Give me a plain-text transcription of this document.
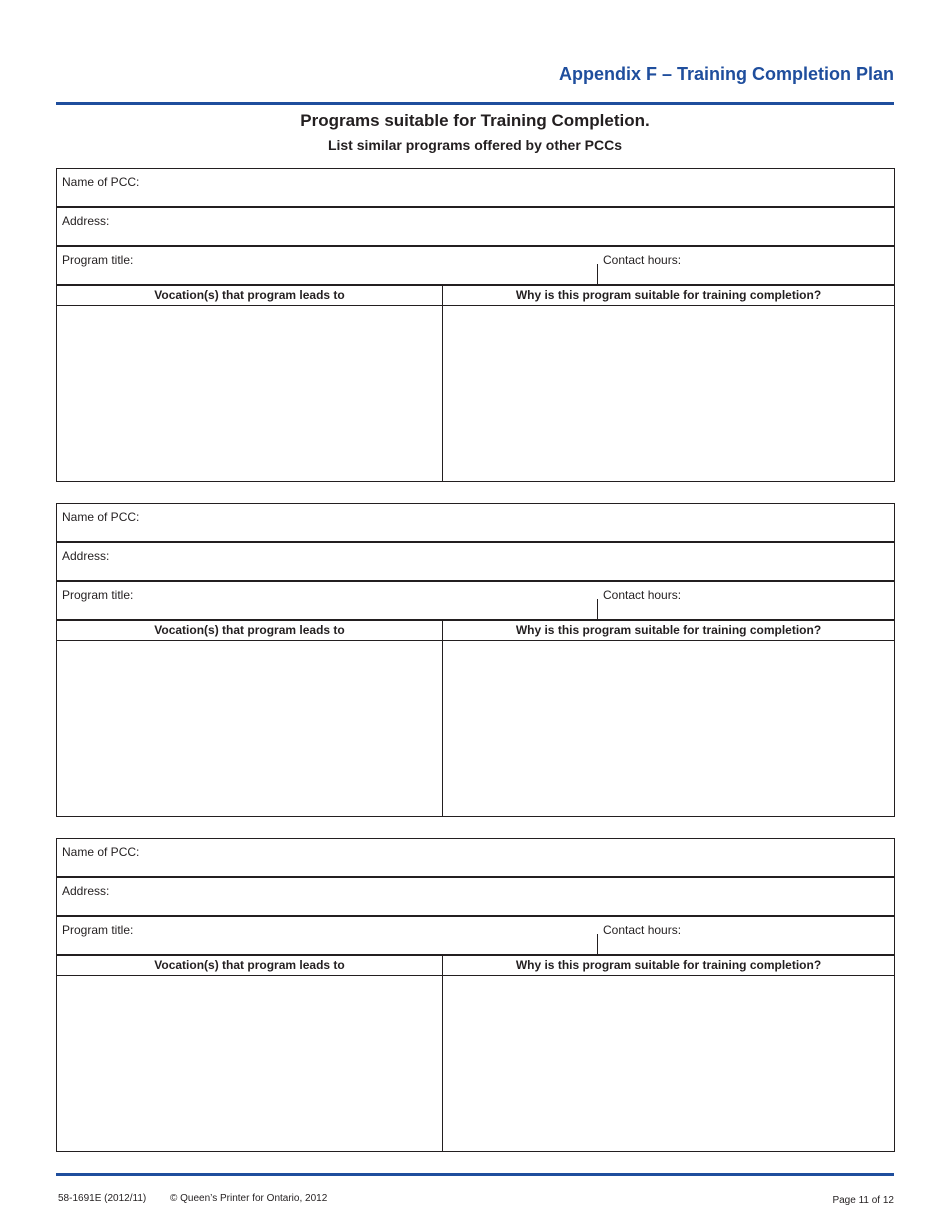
Appendix F – Training Completion Plan
Programs suitable for Training Completion.
List similar programs offered by other PCCs
Name of PCC:
Address:
Program title:	Contact hours:
Vocation(s) that program leads to	Why is this program suitable for training completion?
Name of PCC:
Address:
Program title:	Contact hours:
Vocation(s) that program leads to	Why is this program suitable for training completion?
Name of PCC:
Address:
Program title:	Contact hours:
Vocation(s) that program leads to	Why is this program suitable for training completion?
58-1691E (2012/11) © Queen’s Printer for Ontario, 2012	Page 11 of 12
